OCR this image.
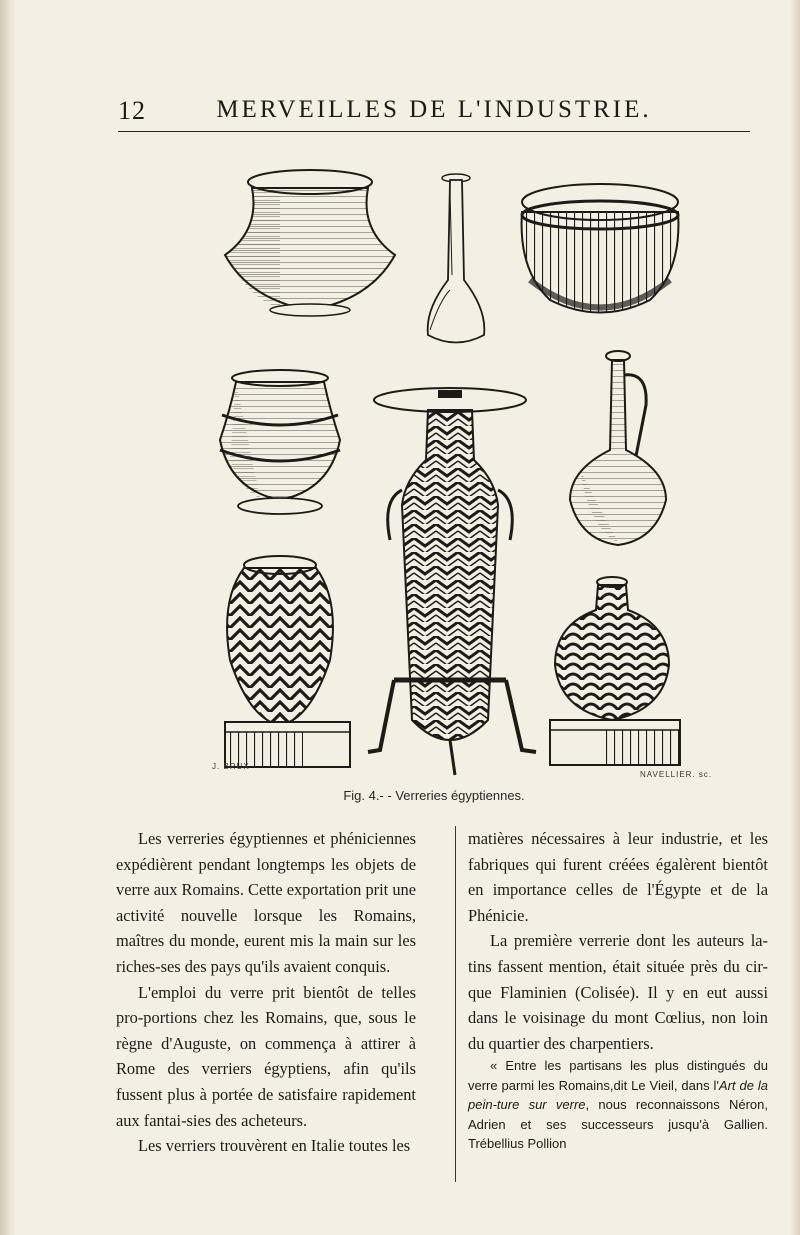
12	MERVEILLES DE L'INDUSTRIE.
J. BRUX
NAVELLIER. sc.
Fig. 4.- - Verreries égyptiennes.

Les verreries égyptiennes et phéniciennes expédièrent pendant longtemps les objets de verre aux Romains. Cette exportation prit une activité nouvelle lorsque les Romains, maîtres du monde, eurent mis la main sur les riches-ses des pays qu'ils avaient conquis.

L'emploi du verre prit bientôt de telles pro-portions chez les Romains, que, sous le règne d'Auguste, on commença à attirer à Rome des verriers égyptiens, afin qu'ils fussent plus à portée de satisfaire rapidement aux fantai-sies des acheteurs.

Les verriers trouvèrent en Italie toutes les

matières nécessaires à leur industrie, et les fabriques qui furent créées égalèrent bientôt en importance celles de l'Égypte et de la Phénicie.

La première verrerie dont les auteurs la-tins fassent mention, était située près du cir-que Flaminien (Colisée). Il y en eut aussi dans le voisinage du mont Cœlius, non loin du quartier des charpentiers.

« Entre les partisans les plus distingués du verre parmi les Romains,dit Le Vieil, dans l'Art de la pein-ture sur verre, nous reconnaissons Néron, Adrien et ses successeurs jusqu'à Gallien. Trébellius Pollion
